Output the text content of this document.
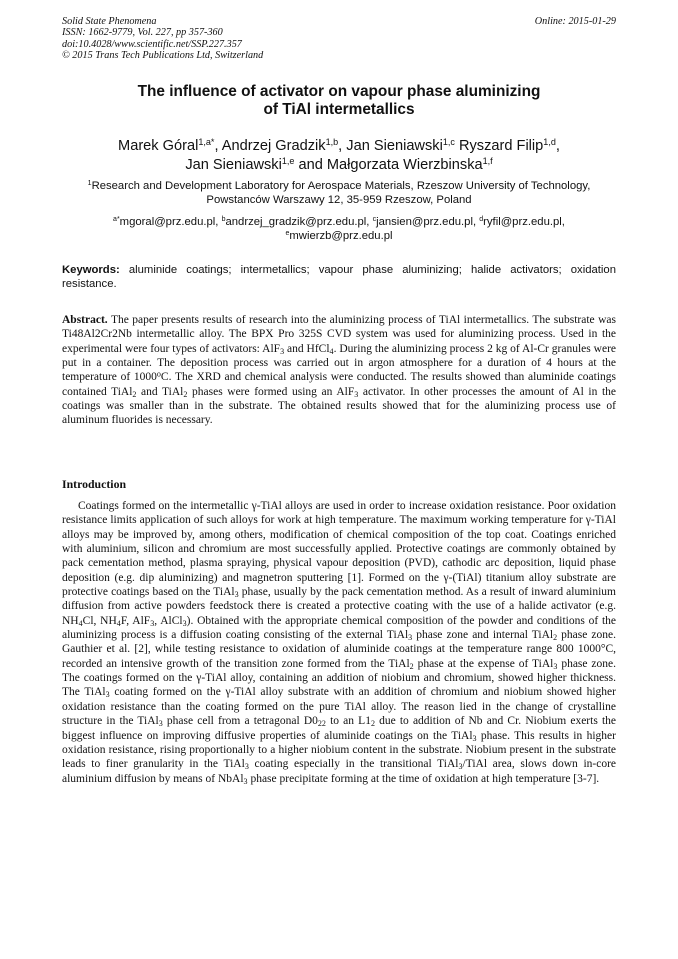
Solid State Phenomena
ISSN: 1662-9779, Vol. 227, pp 357-360
doi:10.4028/www.scientific.net/SSP.227.357
© 2015 Trans Tech Publications Ltd, Switzerland
Online: 2015-01-29
The influence of activator on vapour phase aluminizing
of TiAl intermetallics
Marek Góral$^{1,a*}$, Andrzej Gradzik$^{1,b}$, Jan Sieniawski$^{1,c}$ Ryszard Filip$^{1,d}$,
Jan Sieniawski$^{1,e}$ and Małgorzata Wierzbinska$^{1,f}$
$^1$Research and Development Laboratory for Aerospace Materials, Rzeszow University of Technology, Powstanców Warszawy 12, 35-959 Rzeszow, Poland
$^{a*}$mgoral@prz.edu.pl, $^b$andrzej_gradzik@prz.edu.pl, $^c$jansien@prz.edu.pl, $^d$ryfil@prz.edu.pl,
$^e$mwierzb@prz.edu.pl
Keywords: aluminide coatings; intermetallics; vapour phase aluminizing; halide activators; oxidation resistance.
Abstract. The paper presents results of research into the aluminizing process of TiAl intermetallics. The substrate was Ti48Al2Cr2Nb intermetallic alloy. The BPX Pro 325S CVD system was used for aluminizing process. Used in the experimental were four types of activators: AlF$_3$ and HfCl$_4$. During the aluminizing process 2 kg of Al-Cr granules were put in a container. The deposition process was carried out in argon atmosphere for a duration of 4 hours at the temperature of 1000$^o$C. The XRD and chemical analysis were conducted. The results showed than aluminide coatings contained TiAl$_2$ and TiAl$_2$ phases were formed using an AlF$_3$ activator. In other processes the amount of Al in the coatings was smaller than in the substrate. The obtained results showed that for the aluminizing process use of aluminum fluorides is necessary.
Introduction
Coatings formed on the intermetallic γ-TiAl alloys are used in order to increase oxidation resistance. Poor oxidation resistance limits application of such alloys for work at high temperature. The maximum working temperature for γ-TiAl alloys may be improved by, among others, modification of chemical composition of the top coat. Coatings enriched with aluminium, silicon and chromium are most successfully applied. Protective coatings are commonly obtained by pack cementation method, plasma spraying, physical vapour deposition (PVD), cathodic arc deposition, liquid phase deposition (e.g. dip aluminizing) and magnetron sputtering [1]. Formed on the γ-(TiAl) titanium alloy substrate are protective coatings based on the TiAl$_3$ phase, usually by the pack cementation method. As a result of inward aluminium diffusion from active powders feedstock there is created a protective coating with the use of a halide activator (e.g. $NH_4Cl$, $NH_4F$, AlF$_3$, AlCl$_3$). Obtained with the appropriate chemical composition of the powder and conditions of the aluminizing process is a diffusion coating consisting of the external TiAl$_3$ phase zone and internal TiAl$_2$ phase zone. Gauthier et al. [2], while testing resistance to oxidation of aluminide coatings at the temperature range 800 1000°C, recorded an intensive growth of the transition zone formed from the TiAl$_2$ phase at the expense of TiAl$_3$ phase zone. The coatings formed on the γ-TiAl alloy, containing an addition of niobium and chromium, showed higher thickness. The TiAl$_3$ coating formed on the γ-TiAl alloy substrate with an addition of chromium and niobium showed higher oxidation resistance than the coating formed on the pure TiAl alloy. The reason lied in the change of crystalline structure in the TiAl$_3$ phase cell from a tetragonal $D0_{22}$ to an $L1_2$ due to addition of Nb and Cr. Niobium exerts the biggest influence on improving diffusive properties of aluminide coatings on the TiAl$_3$ phase. This results in higher oxidation resistance, rising proportionally to a higher niobium content in the substrate. Niobium present in the substrate leads to finer granularity in the TiAl$_3$ coating especially in the transitional TiAl$_3$/TiAl area, slows down in-core aluminium diffusion by means of NbAl$_3$ phase precipitate forming at the time of oxidation at high temperature [3-7].
